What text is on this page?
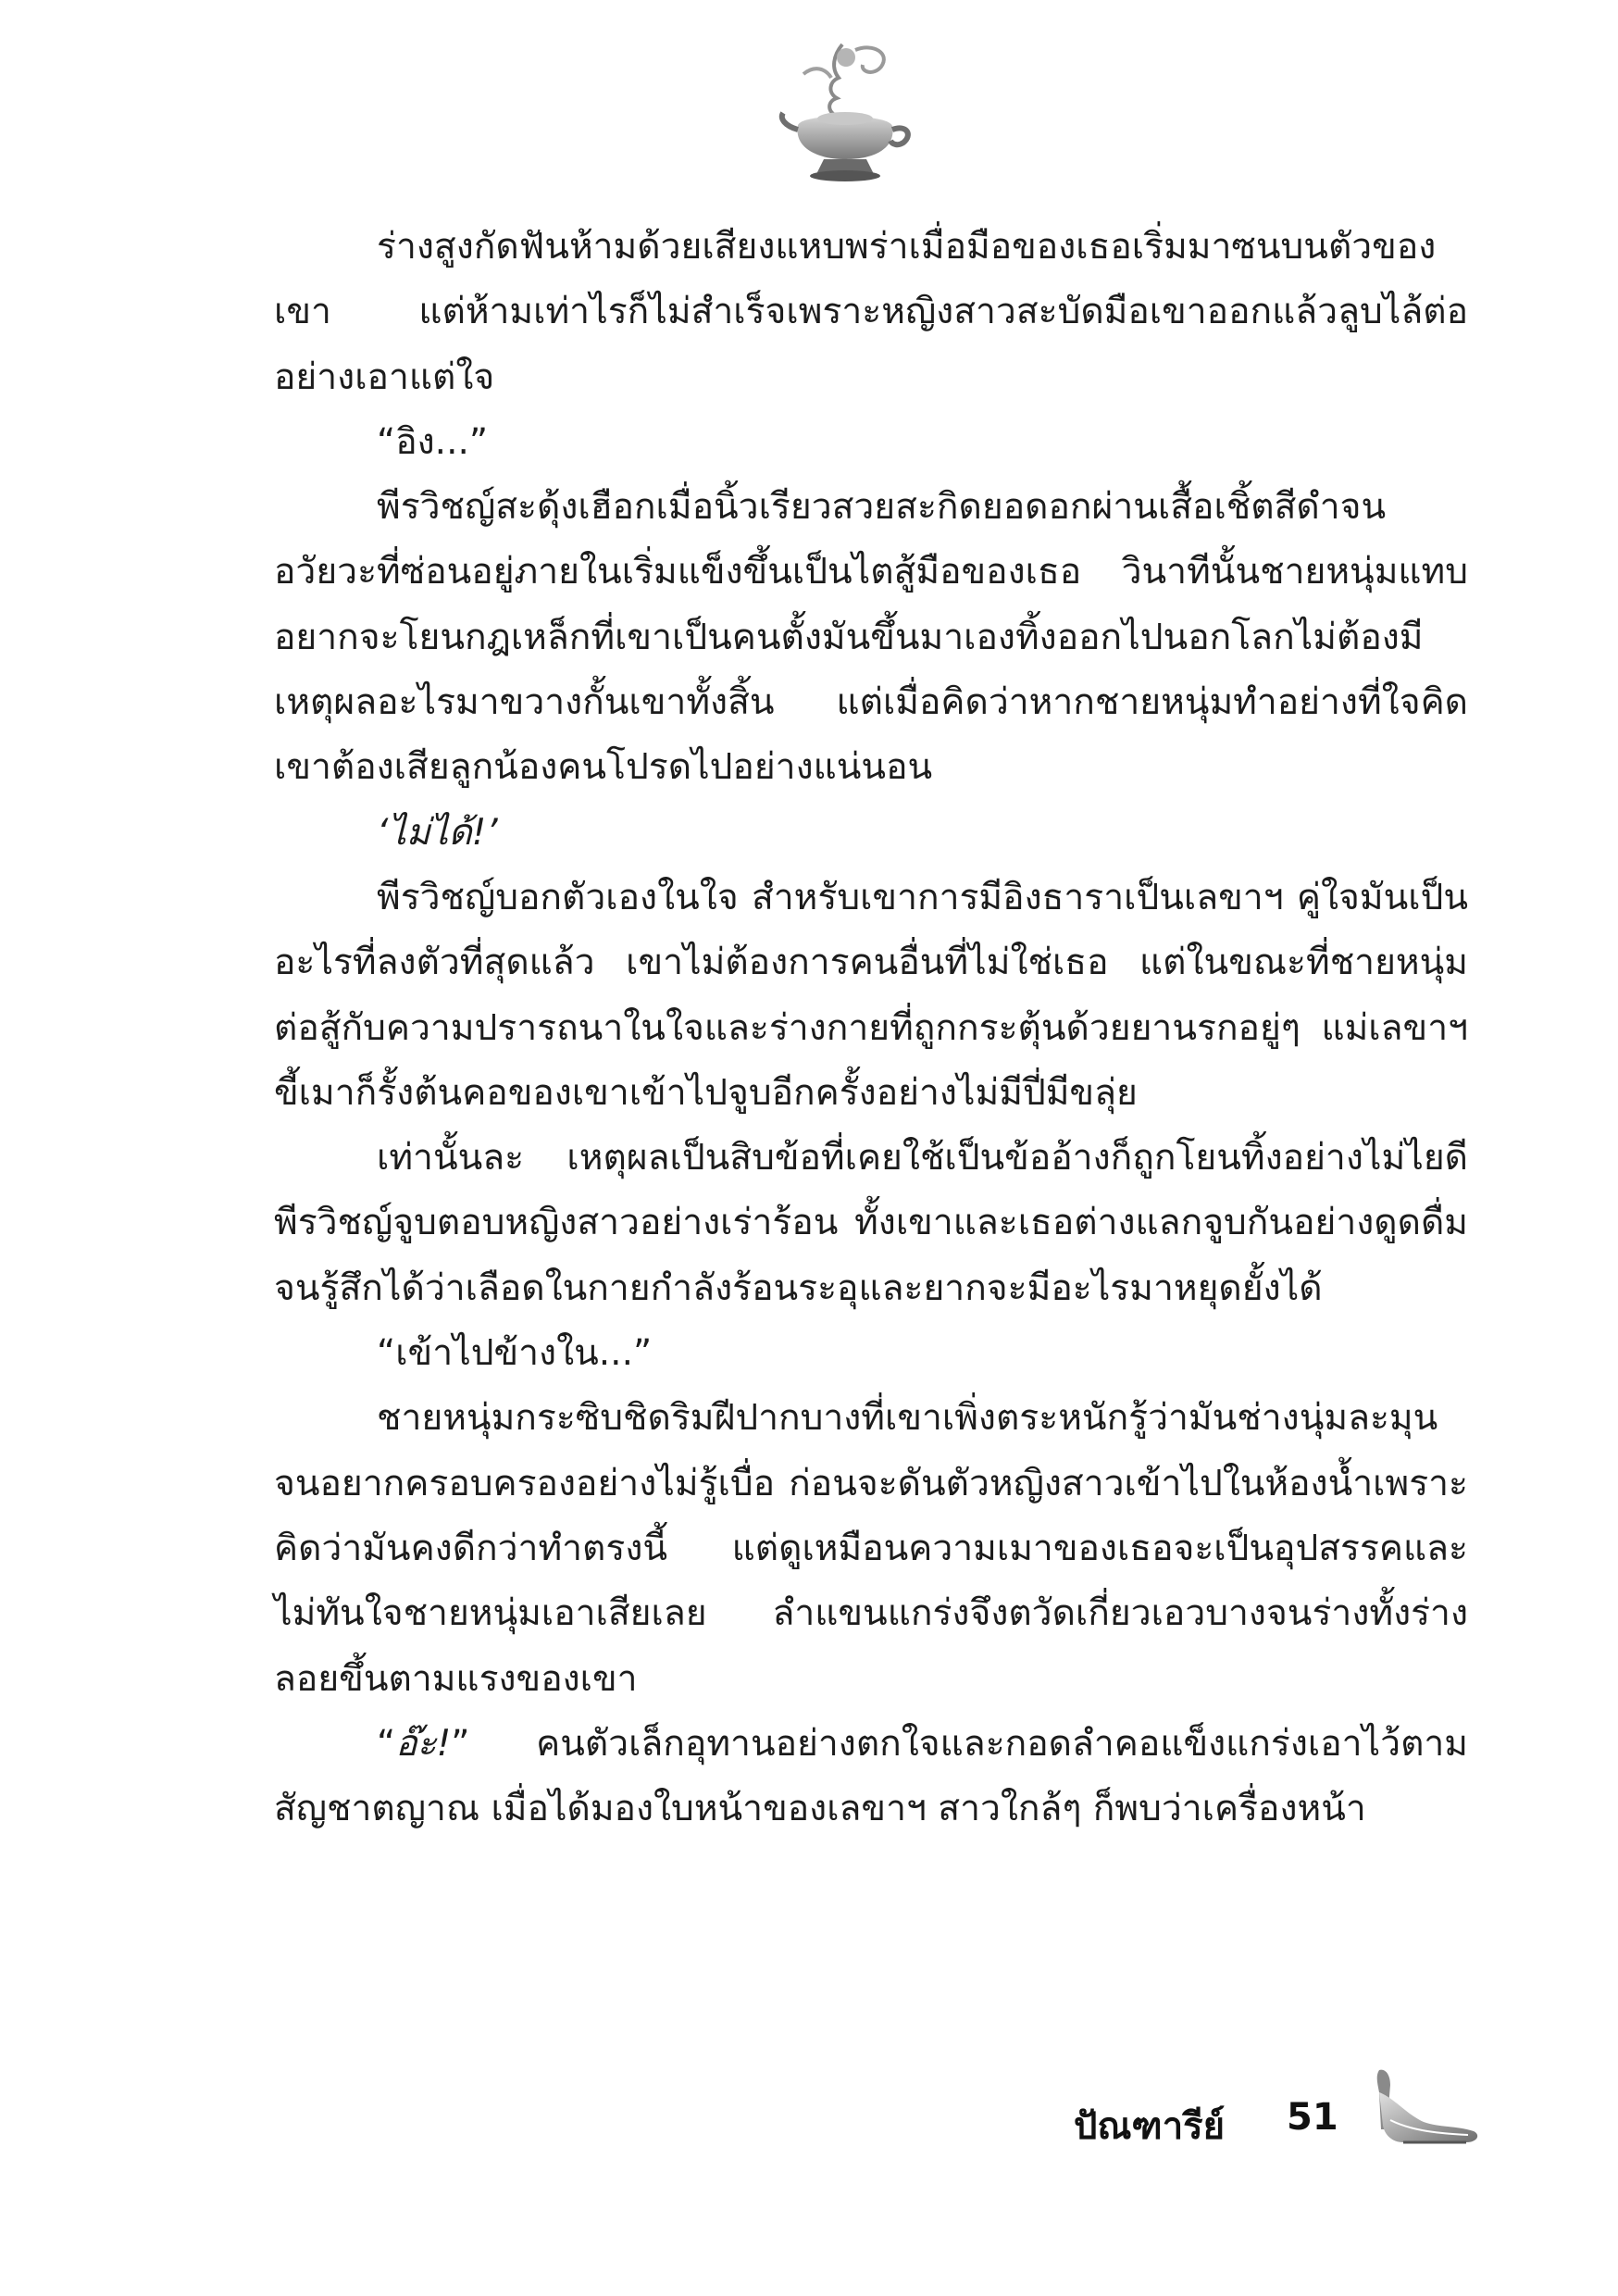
ร่างสูงกัดฟันห้ามด้วยเสียงแหบพร่าเมื่อมือของเธอเริ่มมาซนบนตัวของเขา แต่ห้ามเท่าไรก็ไม่สำเร็จเพราะหญิงสาวสะบัดมือเขาออกแล้วลูบไล้ต่ออย่างเอาแต่ใจ

“อิง...”

พีรวิชญ์สะดุ้งเฮือกเมื่อนิ้วเรียวสวยสะกิดยอดอกผ่านเสื้อเชิ้ตสีดำจนอวัยวะที่ซ่อนอยู่ภายในเริ่มแข็งขึ้นเป็นไตสู้มือของเธอ วินาทีนั้นชายหนุ่มแทบอยากจะโยนกฎเหล็กที่เขาเป็นคนตั้งมันขึ้นมาเองทิ้งออกไปนอกโลกไม่ต้องมีเหตุผลอะไรมาขวางกั้นเขาทั้งสิ้น แต่เมื่อคิดว่าหากชายหนุ่มทำอย่างที่ใจคิดเขาต้องเสียลูกน้องคนโปรดไปอย่างแน่นอน

‘ไม่ได้!’

พีรวิชญ์บอกตัวเองในใจ สำหรับเขาการมีอิงธาราเป็นเลขาฯ คู่ใจมันเป็นอะไรที่ลงตัวที่สุดแล้ว เขาไม่ต้องการคนอื่นที่ไม่ใช่เธอ แต่ในขณะที่ชายหนุ่มต่อสู้กับความปรารถนาในใจและร่างกายที่ถูกกระตุ้นด้วยยานรกอยู่ๆ แม่เลขาฯ ขี้เมาก็รั้งต้นคอของเขาเข้าไปจูบอีกครั้งอย่างไม่มีปี่มีขลุ่ย

เท่านั้นละ เหตุผลเป็นสิบข้อที่เคยใช้เป็นข้ออ้างก็ถูกโยนทิ้งอย่างไม่ไยดี พีรวิชญ์จูบตอบหญิงสาวอย่างเร่าร้อน ทั้งเขาและเธอต่างแลกจูบกันอย่างดูดดื่มจนรู้สึกได้ว่าเลือดในกายกำลังร้อนระอุและยากจะมีอะไรมาหยุดยั้งได้

“เข้าไปข้างใน...”

ชายหนุ่มกระซิบชิดริมฝีปากบางที่เขาเพิ่งตระหนักรู้ว่ามันช่างนุ่มละมุนจนอยากครอบครองอย่างไม่รู้เบื่อ ก่อนจะดันตัวหญิงสาวเข้าไปในห้องน้ำเพราะคิดว่ามันคงดีกว่าทำตรงนี้ แต่ดูเหมือนความเมาของเธอจะเป็นอุปสรรคและไม่ทันใจชายหนุ่มเอาเสียเลย ลำแขนแกร่งจึงตวัดเกี่ยวเอวบางจนร่างทั้งร่างลอยขึ้นตามแรงของเขา

“อ๊ะ!” คนตัวเล็กอุทานอย่างตกใจและกอดลำคอแข็งแกร่งเอาไว้ตามสัญชาตญาณ เมื่อได้มองใบหน้าของเลขาฯ สาวใกล้ๆ ก็พบว่าเครื่องหน้า

ปัณฑารีย์ 51
